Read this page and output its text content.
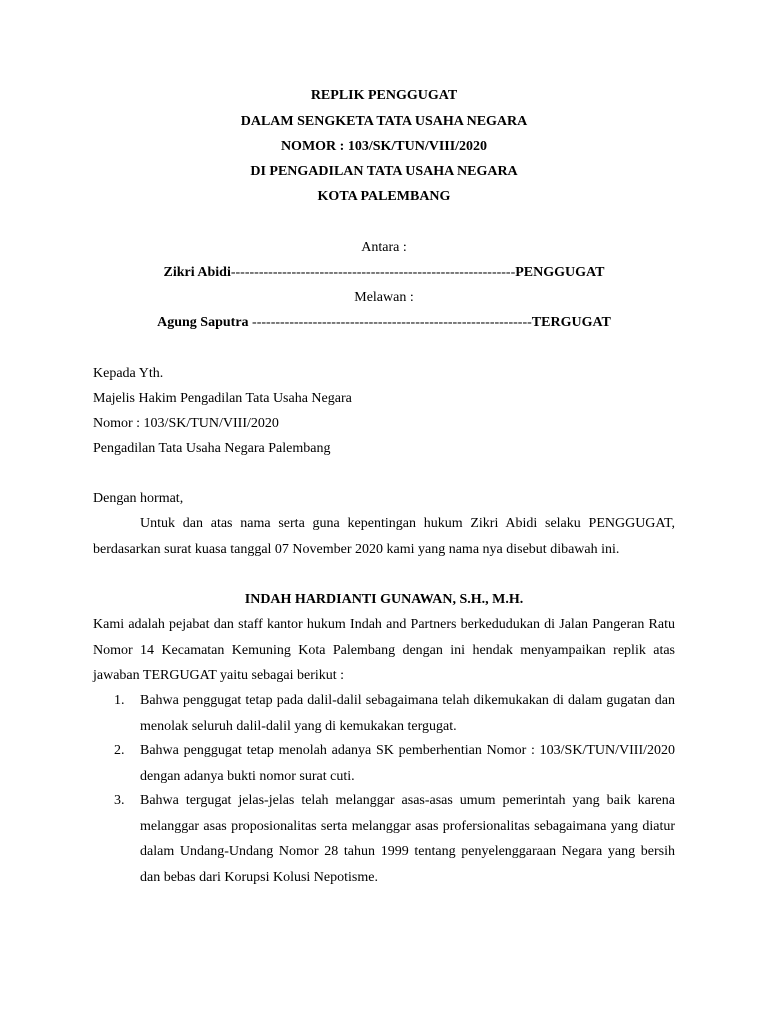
REPLIK PENGGUGAT
DALAM SENGKETA TATA USAHA NEGARA
NOMOR : 103/SK/TUN/VIII/2020
DI PENGADILAN TATA USAHA NEGARA
KOTA PALEMBANG
Antara :
Zikri Abidi-------------------------------------------------------------PENGGUGAT
Melawan :
Agung Saputra ------------------------------------------------------------TERGUGAT
Kepada Yth.
Majelis Hakim Pengadilan Tata Usaha Negara
Nomor : 103/SK/TUN/VIII/2020
Pengadilan Tata Usaha Negara Palembang
Dengan hormat,
Untuk dan atas nama serta guna kepentingan hukum Zikri Abidi selaku PENGGUGAT, berdasarkan surat kuasa tanggal 07 November 2020 kami yang nama nya disebut dibawah ini.
INDAH HARDIANTI GUNAWAN, S.H., M.H.
Kami adalah pejabat dan staff kantor hukum Indah and Partners berkedudukan di Jalan Pangeran Ratu Nomor 14 Kecamatan Kemuning Kota Palembang dengan ini hendak menyampaikan replik atas jawaban TERGUGAT yaitu sebagai berikut :
1. Bahwa penggugat tetap pada dalil-dalil sebagaimana telah dikemukakan di dalam gugatan dan menolak seluruh dalil-dalil yang di kemukakan tergugat.
2. Bahwa penggugat tetap menolah adanya SK pemberhentian Nomor : 103/SK/TUN/VIII/2020 dengan adanya bukti nomor surat cuti.
3. Bahwa tergugat jelas-jelas telah melanggar asas-asas umum pemerintah yang baik karena melanggar asas proposionalitas serta melanggar asas profersionalitas sebagaimana yang diatur dalam Undang-Undang Nomor 28 tahun 1999 tentang penyelenggaraan Negara yang bersih dan bebas dari Korupsi Kolusi Nepotisme.
